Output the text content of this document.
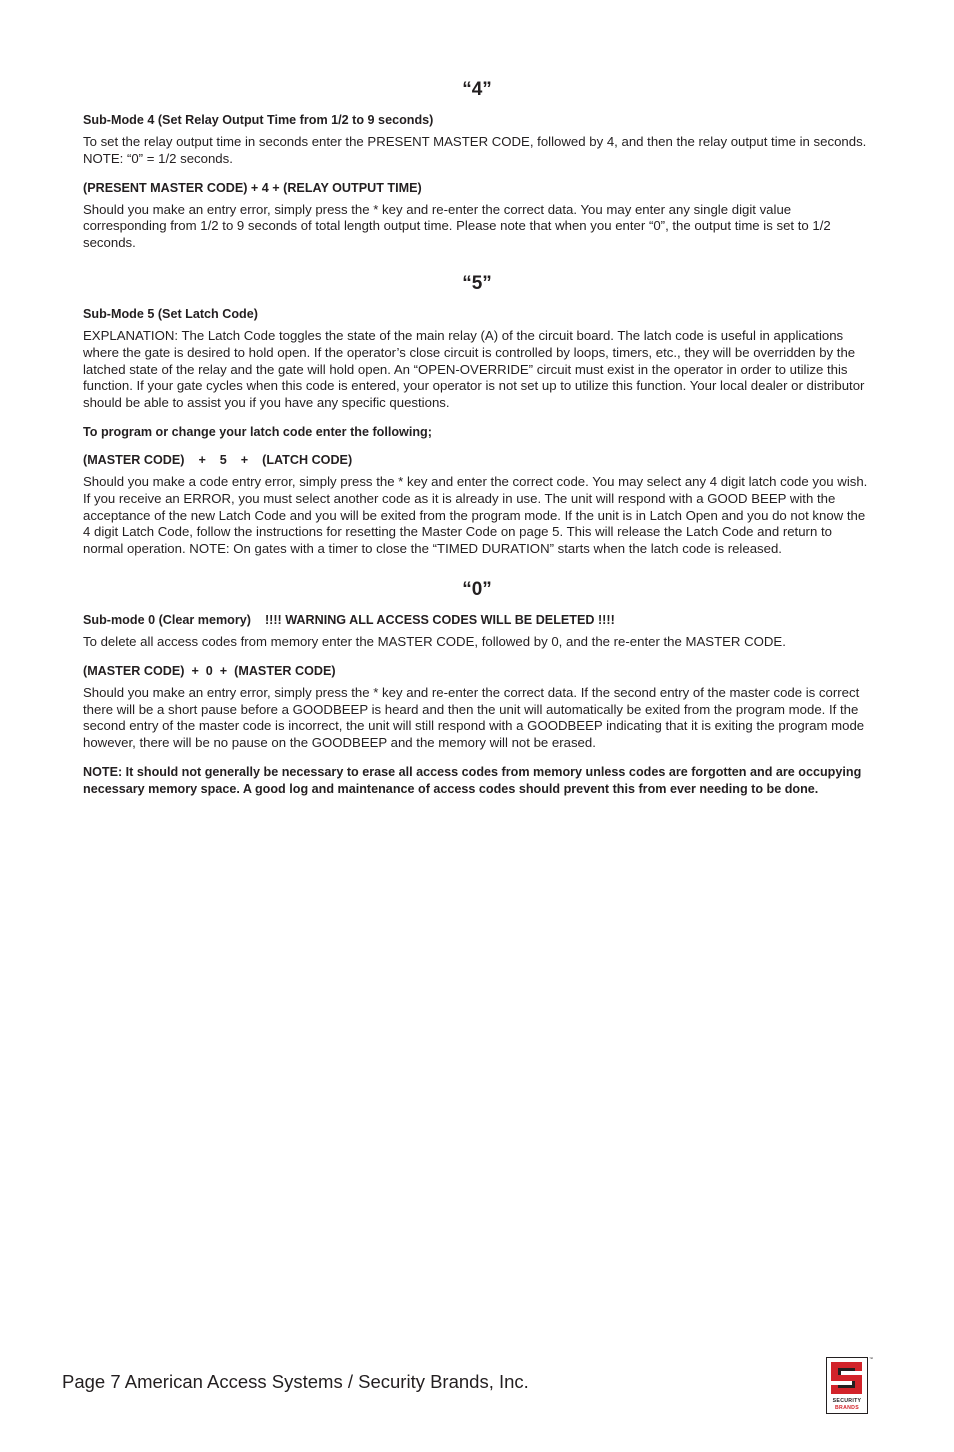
“4”
Sub-Mode 4 (Set Relay Output Time from 1/2 to 9 seconds)
To set the relay output time in seconds enter the PRESENT MASTER CODE, followed by 4, and then the relay output time in seconds. NOTE: “0” = 1/2 seconds.
(PRESENT MASTER CODE) + 4 + (RELAY OUTPUT TIME)
Should you make an entry error, simply press the * key and re-enter the correct data. You may enter any single digit value corresponding from 1/2 to 9 seconds of total length output time. Please note that when you enter “0”, the output time is set to 1/2 seconds.
“5”
Sub-Mode 5 (Set Latch Code)
EXPLANATION: The Latch Code toggles the state of the main relay (A) of the circuit board. The latch code is useful in applications where the gate is desired to hold open. If the operator’s close circuit is controlled by loops, timers, etc., they will be overridden by the latched state of the relay and the gate will hold open. An “OPEN-OVERRIDE” circuit must exist in the operator in order to utilize this function. If your gate cycles when this code is entered, your operator is not set up to utilize this function. Your local dealer or distributor should be able to assist you if you have any specific questions.
To program or change your latch code enter the following;
(MASTER CODE)    +    5    +    (LATCH CODE)
Should you make a code entry error, simply press the * key and enter the correct code. You may select any 4 digit latch code you wish. If you receive an ERROR, you must select another code as it is already in use. The unit will respond with a GOOD BEEP with the acceptance of the new Latch Code and you will be exited from the program mode. If the unit is in Latch Open and you do not know the 4 digit Latch Code, follow the instructions for resetting the Master Code on page 5. This will release the Latch Code and return to normal operation. NOTE: On gates with a timer to close the “TIMED DURATION” starts when the latch code is released.
“0”
Sub-mode 0 (Clear memory)    !!!! WARNING ALL ACCESS CODES WILL BE DELETED !!!!
To delete all access codes from memory enter the MASTER CODE, followed by 0, and the re-enter the MASTER CODE.
(MASTER CODE)  +  0  +  (MASTER CODE)
Should you make an entry error, simply press the * key and re-enter the correct data. If the second entry of the master code is correct there will be a short pause before a GOODBEEP is heard and then the unit will automatically be exited from the program mode. If the second entry of the master code is incorrect, the unit will still respond with a GOODBEEP indicating that it is exiting the program mode however, there will be no pause on the GOODBEEP and the memory will not be erased.
NOTE: It should not generally be necessary to erase all access codes from memory unless codes are forgotten and are occupying necessary memory space. A good log and maintenance of access codes should prevent this from ever needing to be done.
Page 7 American Access Systems / Security Brands, Inc.
SECURITY
BRANDS
™
